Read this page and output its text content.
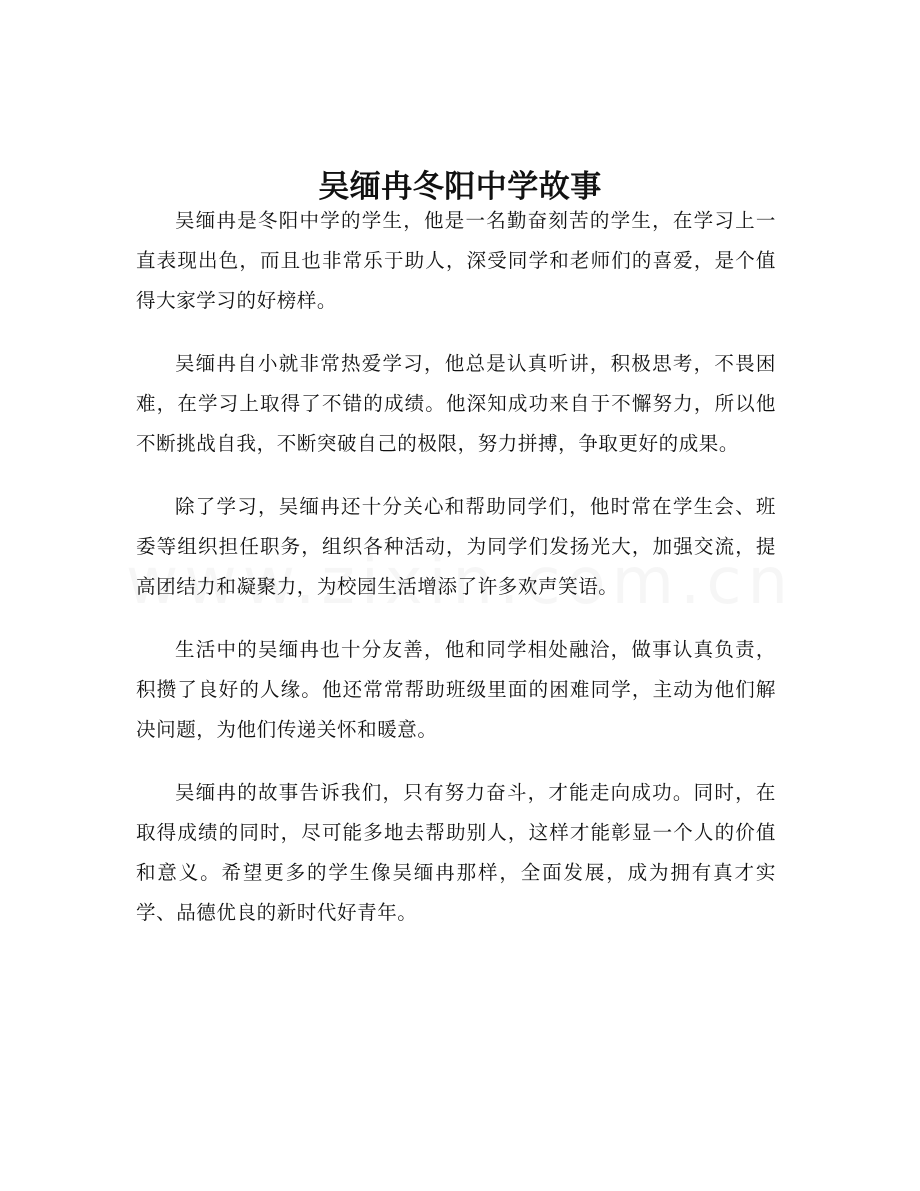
吴缅冉冬阳中学故事

吴缅冉是冬阳中学的学生，他是一名勤奋刻苦的学生，在学习上一直表现出色，而且也非常乐于助人，深受同学和老师们的喜爱，是个值得大家学习的好榜样。

吴缅冉自小就非常热爱学习，他总是认真听讲，积极思考，不畏困难，在学习上取得了不错的成绩。他深知成功来自于不懈努力，所以他不断挑战自我，不断突破自己的极限，努力拼搏，争取更好的成果。

除了学习，吴缅冉还十分关心和帮助同学们，他时常在学生会、班委等组织担任职务，组织各种活动，为同学们发扬光大，加强交流，提高团结力和凝聚力，为校园生活增添了许多欢声笑语。

生活中的吴缅冉也十分友善，他和同学相处融洽，做事认真负责，积攒了良好的人缘。他还常常帮助班级里面的困难同学，主动为他们解决问题，为他们传递关怀和暖意。

吴缅冉的故事告诉我们，只有努力奋斗，才能走向成功。同时，在取得成绩的同时，尽可能多地去帮助别人，这样才能彰显一个人的价值和意义。希望更多的学生像吴缅冉那样，全面发展，成为拥有真才实学、品德优良的新时代好青年。
